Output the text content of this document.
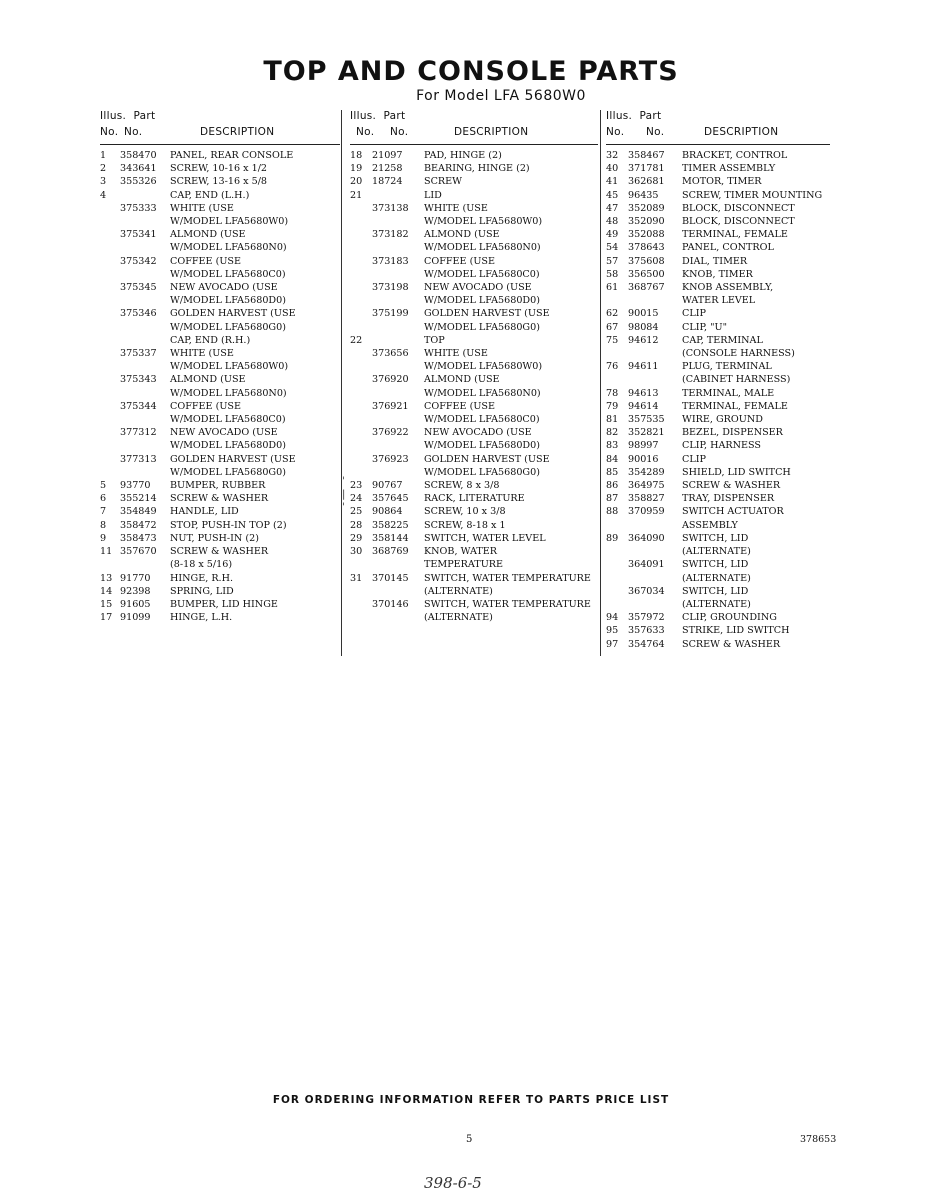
TOP AND CONSOLE PARTS
For Model LFA 5680W0
'
|
'
Illus. Part
No. No.	DESCRIPTION
1	358470	PANEL, REAR CONSOLE
2	343641	SCREW, 10-16 x 1/2
3	355326	SCREW, 13-16 x 5/8
4	CAP, END (L.H.)
375333	WHITE (USE
W/MODEL LFA5680W0)
375341	ALMOND (USE
W/MODEL LFA5680N0)
375342	COFFEE (USE
W/MODEL LFA5680C0)
375345	NEW AVOCADO (USE
W/MODEL LFA5680D0)
375346	GOLDEN HARVEST (USE
W/MODEL LFA5680G0)
CAP, END (R.H.)
375337	WHITE (USE
W/MODEL LFA5680W0)
375343	ALMOND (USE
W/MODEL LFA5680N0)
375344	COFFEE (USE
W/MODEL LFA5680C0)
377312	NEW AVOCADO (USE
W/MODEL LFA5680D0)
377313	GOLDEN HARVEST (USE
W/MODEL LFA5680G0)
5	93770	BUMPER, RUBBER
6	355214	SCREW & WASHER
7	354849	HANDLE, LID
8	358472	STOP, PUSH-IN TOP (2)
9	358473	NUT, PUSH-IN (2)
11 357670	SCREW & WASHER
(8-18 x 5/16)
13 91770	HINGE, R.H.
14 92398	SPRING, LID
15 91605	BUMPER, LID HINGE
17 91099	HINGE, L.H.
Illus. Part
No. No.	DESCRIPTION
18	21097	PAD, HINGE (2)
19	21258	BEARING, HINGE (2)
20	18724	SCREW
21	LID
373138	WHITE (USE
W/MODEL LFA5680W0)
373182	ALMOND (USE
W/MODEL LFA5680N0)
373183	COFFEE (USE
W/MODEL LFA5680C0)
373198	NEW AVOCADO (USE
W/MODEL LFA5680D0)
375199	GOLDEN HARVEST (USE
W/MODEL LFA5680G0)
22	TOP
373656	WHITE (USE
W/MODEL LFA5680W0)
376920	ALMOND (USE
W/MODEL LFA5680N0)
376921	COFFEE (USE
W/MODEL LFA5680C0)
376922	NEW AVOCADO (USE
W/MODEL LFA5680D0)
376923	GOLDEN HARVEST (USE
W/MODEL LFA5680G0)
23	90767	SCREW, 8 x 3/8
24	357645	RACK, LITERATURE
25	90864	SCREW, 10 x 3/8
28	358225	SCREW, 8-18 x 1
29	358144	SWITCH, WATER LEVEL
30	368769	KNOB, WATER
TEMPERATURE
31	370145	SWITCH, WATER TEMPERATURE
(ALTERNATE)
370146	SWITCH, WATER TEMPERATURE
(ALTERNATE)
Illus. Part
No. No.	DESCRIPTION
32	358467	BRACKET, CONTROL
40	371781	TIMER ASSEMBLY
41	362681	MOTOR, TIMER
45	96435	SCREW, TIMER MOUNTING
47	352089	BLOCK, DISCONNECT
48	352090	BLOCK, DISCONNECT
49	352088	TERMINAL, FEMALE
54	378643	PANEL, CONTROL
57	375608	DIAL, TIMER
58	356500	KNOB, TIMER
61	368767	KNOB ASSEMBLY,
WATER LEVEL
62	90015	CLIP
67	98084	CLIP, "U"
75	94612	CAP, TERMINAL
(CONSOLE HARNESS)
76	94611	PLUG, TERMINAL
(CABINET HARNESS)
78	94613	TERMINAL, MALE
79	94614	TERMINAL, FEMALE
81	357535	WIRE, GROUND
82	352821	BEZEL, DISPENSER
83	98997	CLIP, HARNESS
84	90016	CLIP
85	354289	SHIELD, LID SWITCH
86	364975	SCREW & WASHER
87	358827	TRAY, DISPENSER
88	370959	SWITCH ACTUATOR
ASSEMBLY
89	364090	SWITCH, LID
(ALTERNATE)
364091	SWITCH, LID
(ALTERNATE)
367034	SWITCH, LID
(ALTERNATE)
94	357972	CLIP, GROUNDING
95	357633	STRIKE, LID SWITCH
97	354764	SCREW & WASHER
FOR ORDERING INFORMATION REFER TO PARTS PRICE LIST
5	378653
398-6-5
